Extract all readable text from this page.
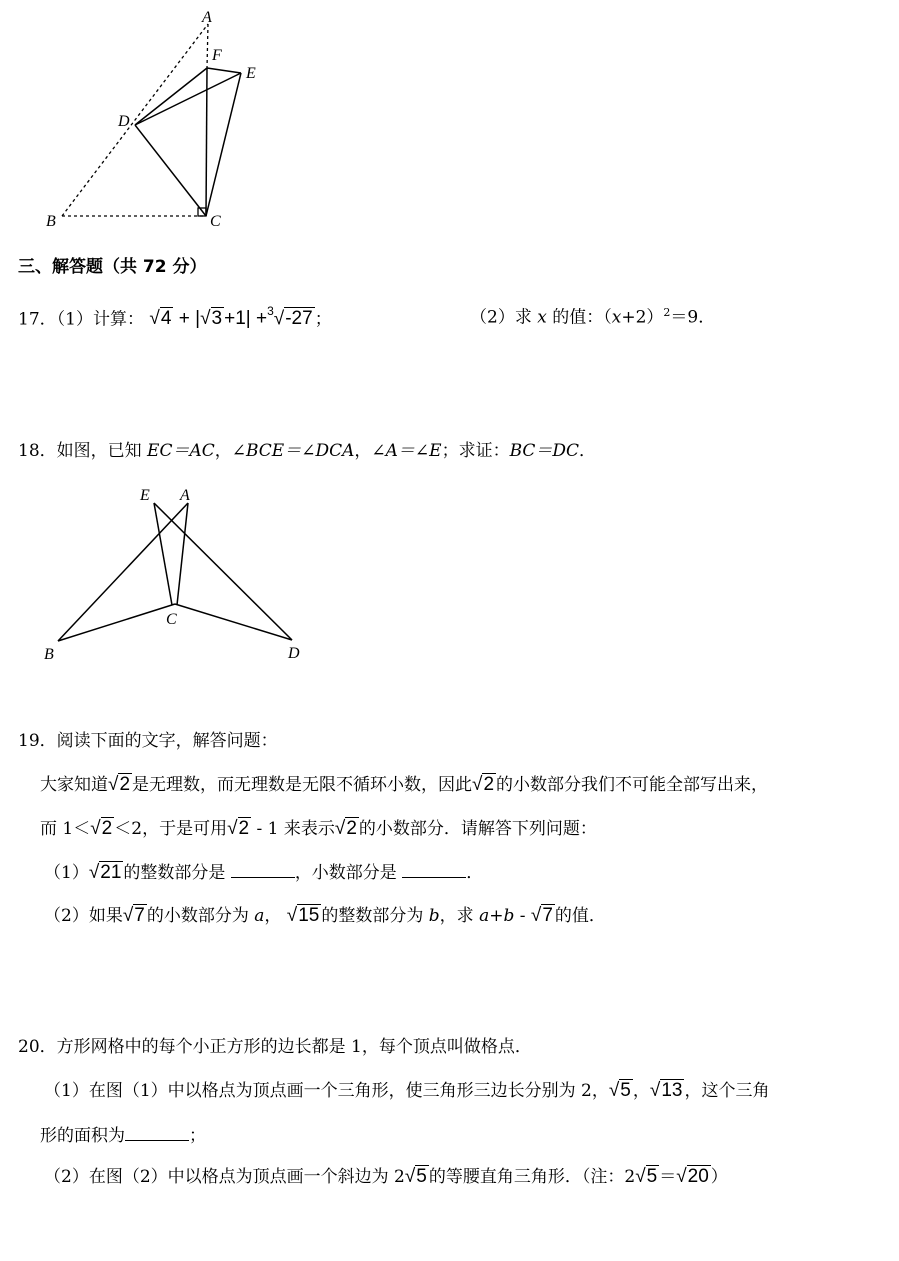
A
F
E
D
B	C
三、解答题（共 72 分）
17．（1）计算： √4 + |√3 +1| +$^3$√-27 ；	（2）求 x 的值：$(x+2)^2=9$．
18．如图，已知 EC＝AC，∠BCE＝∠DCA，∠A＝∠E；求证：BC＝DC．
E A
C
B	D
19．阅读下面的文字，解答问题：
大家知道√2 是无理数，而无理数是无限不循环小数，因此√2 的小数部分我们不可能全部写出来，
而 1＜√2 ＜2，于是可用√2 - 1 来表示√2 的小数部分．请解答下列问题：
（1）√21 的整数部分是	，小数部分是	．
（2）如果√7 的小数部分为 a， √15 的整数部分为 b，求 a+b - √7 的值．
20．方形网格中的每个小正方形的边长都是 1，每个顶点叫做格点．
（1）在图（1）中以格点为顶点画一个三角形，使三角形三边长分别为 2，√5 ，√13 ，这个三角
形的面积为	；
（2）在图（2）中以格点为顶点画一个斜边为 2√5 的等腰直角三角形．（注：2√5 ＝√20 ）
